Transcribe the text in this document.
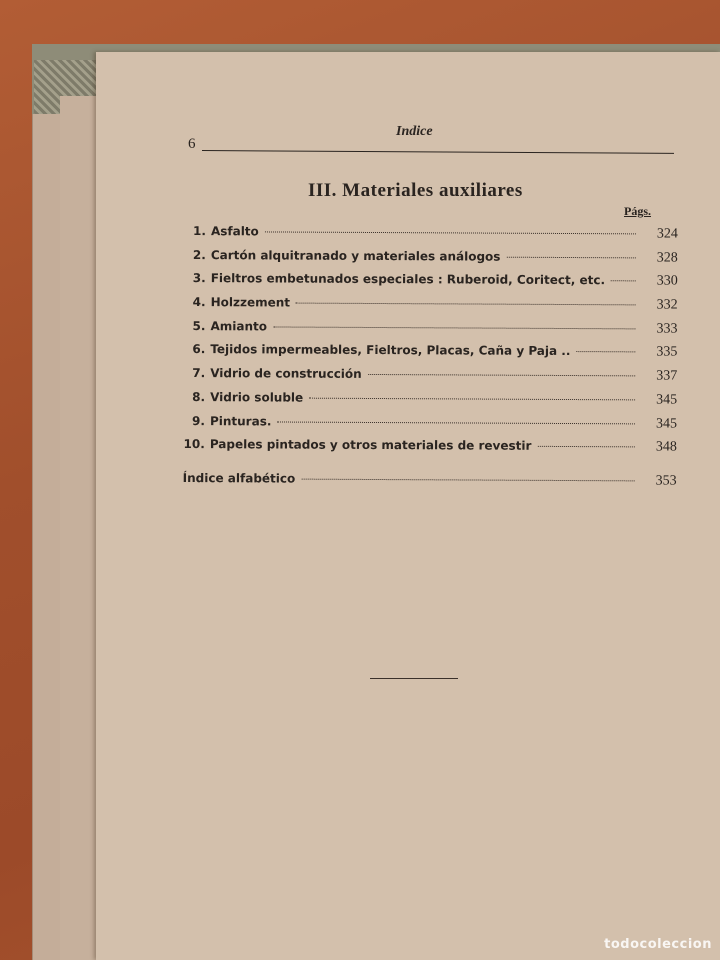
6
Indice
III. Materiales auxiliares
Págs.
1. Asfalto	324
2. Cartón alquitranado y materiales análogos	328
3. Fieltros embetunados especiales : Ruberoid, Coritect, etc.	330
4. Holzzement	332
5. Amianto	333
6. Tejidos impermeables, Fieltros, Placas, Caña y Paja ..	335
7. Vidrio de construcción	337
8. Vidrio soluble	345
9. Pinturas.	345
10. Papeles pintados y otros materiales de revestir	348
Índice alfabético	353
todocoleccion
